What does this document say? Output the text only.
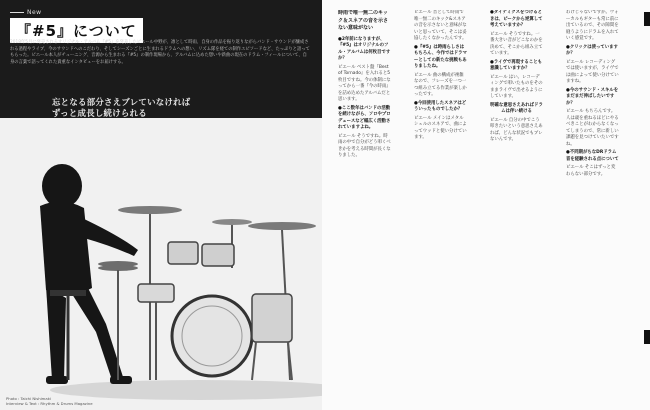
New
『#5』について
2018年5月に発売されるオリジナル・アルバム『#5』を発表したピエール中野が、凛として時雨、自身の作品を振り返りながらバンド・サウンドが醸成される過程やライブ、今のサウンドへのこだわり、そしてシーズンごとに生まれるドラムへの想い、リズム隊を経ての制作エピソードなど、たっぷりと語ってもらった。ピエール本人がチューニング、音源から生まれる『#5』の制作現場から、アルバムに込めた想いや新曲の現在のドラム・フィールについて、自身の言葉で語ってくれた貴重なインタビューをお届けする。
忘となる部分さえブレていなければ
ずっと成長し続けられる
Photo : Taichi Nishimaki
Interview & Text : Rhythm & Drums Magazine
時雨で唯一無二のキック＆スネアの音を示さない意味がない

●2年前になりますが、『#5』はオリジナルのフル・アルバムは何枚目ですか？

ピエール ベスト盤『Best of Tornado』を入れると5枚目ですね。今の体制になってから一番『今の時雨』を詰め込めたアルバムだと思います。

●ここ数年はバンドの活動を続けながら、ソロやプロデュースなど幅広く活動されていますよね。

ピエール そうですね。時雨の中で自分がどう叩くべきかを考える時間が長くなりました。

ピエール 昔として時雨で唯一無二のキック&スネアの音を示さないと意味がないと思っていて、そこは妥協したくなかったんです。

●『#5』は時雨らしさはもちろん、今作ではドラマーとしての新たな挑戦もありましたね。

ピエール 曲の構成が複雑なので、フレーズを一つ一つ組み立てる作業が楽しかったです。

●今回使用したスネアはどういったものでしたか？

ピエール メインはメタルシェルのスネアで、曲によってウッドと使い分けています。

●ダイナミクスをつけるときは、ピークから逆算して考えていますか？

ピエール そうですね。一番大きい音がどこなのかを決めて、そこから組み立てています。

●ライヴで再現することも意識していますか？

ピエール はい。レコーディングで叩いたものをそのままライヴで出せるようにしています。

明確な意思さえあればドラムは伴い続ける

ピエール 自分の中でこう叩きたいという意思さえあれば、どんな状況でもブレないんです。

わけじゃないですか。ヴォーカルもギターも常に前に出ているので、その隙間を縫うようにドラムを入れていく感覚です。

●クリックは使っていますか？

ピエール レコーディングでは使いますが、ライヴでは曲によって使い分けていますね。

●今のサウンド・スキルをまだまだ伸ばしたいですか？

ピエール もちろんです。人は歳を重ねるほどにやるべきことがわからなくなってしまうので、常に新しい課題を見つけていたいですね。

●不同期がちなDRドラム音を経験される点について

ピエール そこはずっと変わらない部分です。
